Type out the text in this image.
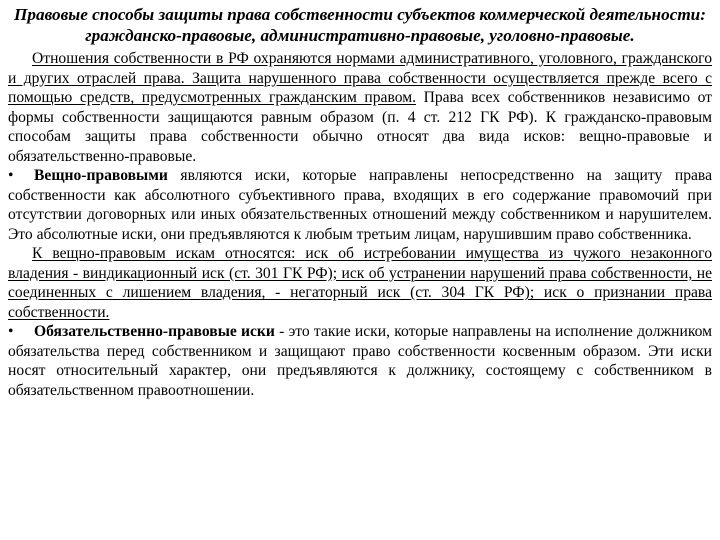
Правовые способы защиты права собственности субъектов коммерческой деятельности: гражданско-правовые, административно-правовые, уголовно-правовые.

Отношения собственности в РФ охраняются нормами административного, уголовного, гражданского и других отраслей права. Защита нарушенного права собственности осуществляется прежде всего с помощью средств, предусмотренных гражданским правом. Права всех собственников независимо от формы собственности защищаются равным образом (п. 4 ст. 212 ГК РФ). К гражданско-правовым способам защиты права собственности обычно относят два вида исков: вещно-правовые и обязательственно-правовые.

• Вещно-правовыми являются иски, которые направлены непосредственно на защиту права собственности как абсолютного субъективного права, входящих в его содержание правомочий при отсутствии договорных или иных обязательственных отношений между собственником и нарушителем. Это абсолютные иски, они предъявляются к любым третьим лицам, нарушившим право собственника.

К вещно-правовым искам относятся: иск об истребовании имущества из чужого незаконного владения - виндикационный иск (ст. 301 ГК РФ); иск об устранении нарушений права собственности, не соединенных с лишением владения, - негаторный иск (ст. 304 ГК РФ); иск о признании права собственности.

• Обязательственно-правовые иски - это такие иски, которые направлены на исполнение должником обязательства перед собственником и защищают право собственности косвенным образом. Эти иски носят относительный характер, они предъявляются к должнику, состоящему с собственником в обязательственном правоотношении.
